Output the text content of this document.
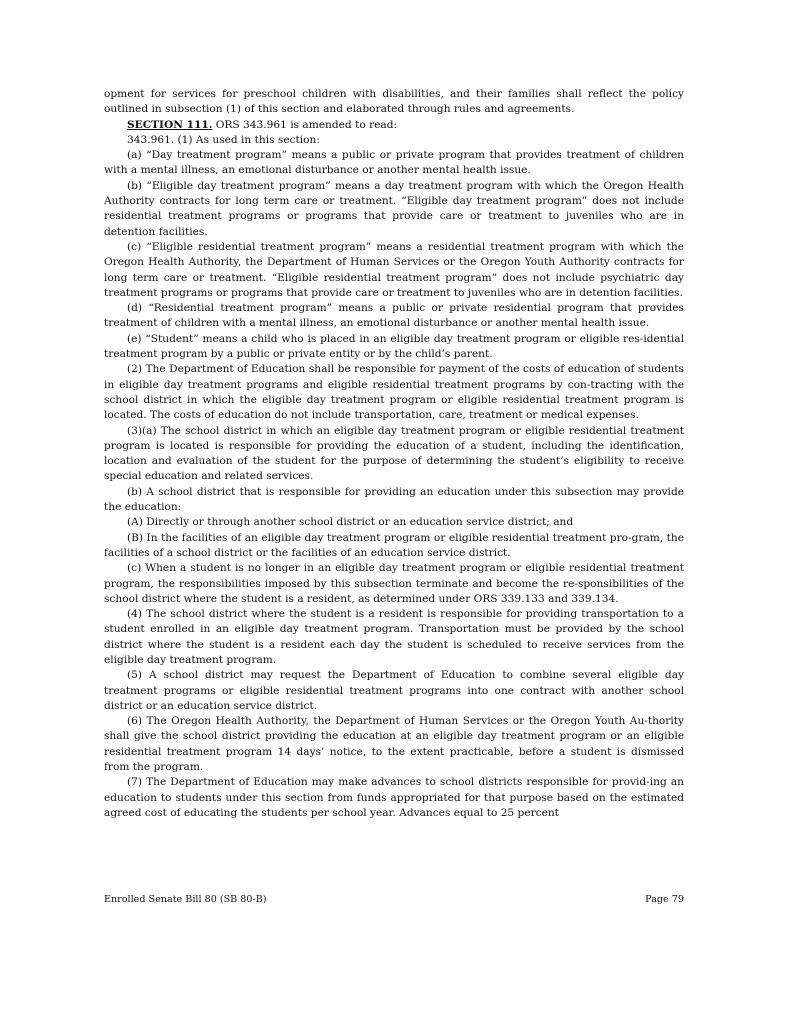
opment for services for preschool children with disabilities, and their families shall reflect the policy outlined in subsection (1) of this section and elaborated through rules and agreements.

SECTION 111. ORS 343.961 is amended to read:

343.961. (1) As used in this section:

(a) “Day treatment program” means a public or private program that provides treatment of children with a mental illness, an emotional disturbance or another mental health issue.

(b) “Eligible day treatment program” means a day treatment program with which the Oregon Health Authority contracts for long term care or treatment. “Eligible day treatment program” does not include residential treatment programs or programs that provide care or treatment to juveniles who are in detention facilities.

(c) “Eligible residential treatment program” means a residential treatment program with which the Oregon Health Authority, the Department of Human Services or the Oregon Youth Authority contracts for long term care or treatment. “Eligible residential treatment program” does not include psychiatric day treatment programs or programs that provide care or treatment to juveniles who are in detention facilities.

(d) “Residential treatment program” means a public or private residential program that provides treatment of children with a mental illness, an emotional disturbance or another mental health issue.

(e) “Student” means a child who is placed in an eligible day treatment program or eligible res-idential treatment program by a public or private entity or by the child’s parent.

(2) The Department of Education shall be responsible for payment of the costs of education of students in eligible day treatment programs and eligible residential treatment programs by con-tracting with the school district in which the eligible day treatment program or eligible residential treatment program is located. The costs of education do not include transportation, care, treatment or medical expenses.

(3)(a) The school district in which an eligible day treatment program or eligible residential treatment program is located is responsible for providing the education of a student, including the identification, location and evaluation of the student for the purpose of determining the student’s eligibility to receive special education and related services.

(b) A school district that is responsible for providing an education under this subsection may provide the education:

(A) Directly or through another school district or an education service district; and

(B) In the facilities of an eligible day treatment program or eligible residential treatment pro-gram, the facilities of a school district or the facilities of an education service district.

(c) When a student is no longer in an eligible day treatment program or eligible residential treatment program, the responsibilities imposed by this subsection terminate and become the re-sponsibilities of the school district where the student is a resident, as determined under ORS 339.133 and 339.134.

(4) The school district where the student is a resident is responsible for providing transportation to a student enrolled in an eligible day treatment program. Transportation must be provided by the school district where the student is a resident each day the student is scheduled to receive services from the eligible day treatment program.

(5) A school district may request the Department of Education to combine several eligible day treatment programs or eligible residential treatment programs into one contract with another school district or an education service district.

(6) The Oregon Health Authority, the Department of Human Services or the Oregon Youth Au-thority shall give the school district providing the education at an eligible day treatment program or an eligible residential treatment program 14 days’ notice, to the extent practicable, before a student is dismissed from the program.

(7) The Department of Education may make advances to school districts responsible for provid-ing an education to students under this section from funds appropriated for that purpose based on the estimated agreed cost of educating the students per school year. Advances equal to 25 percent

Enrolled Senate Bill 80 (SB 80-B)	Page 79
